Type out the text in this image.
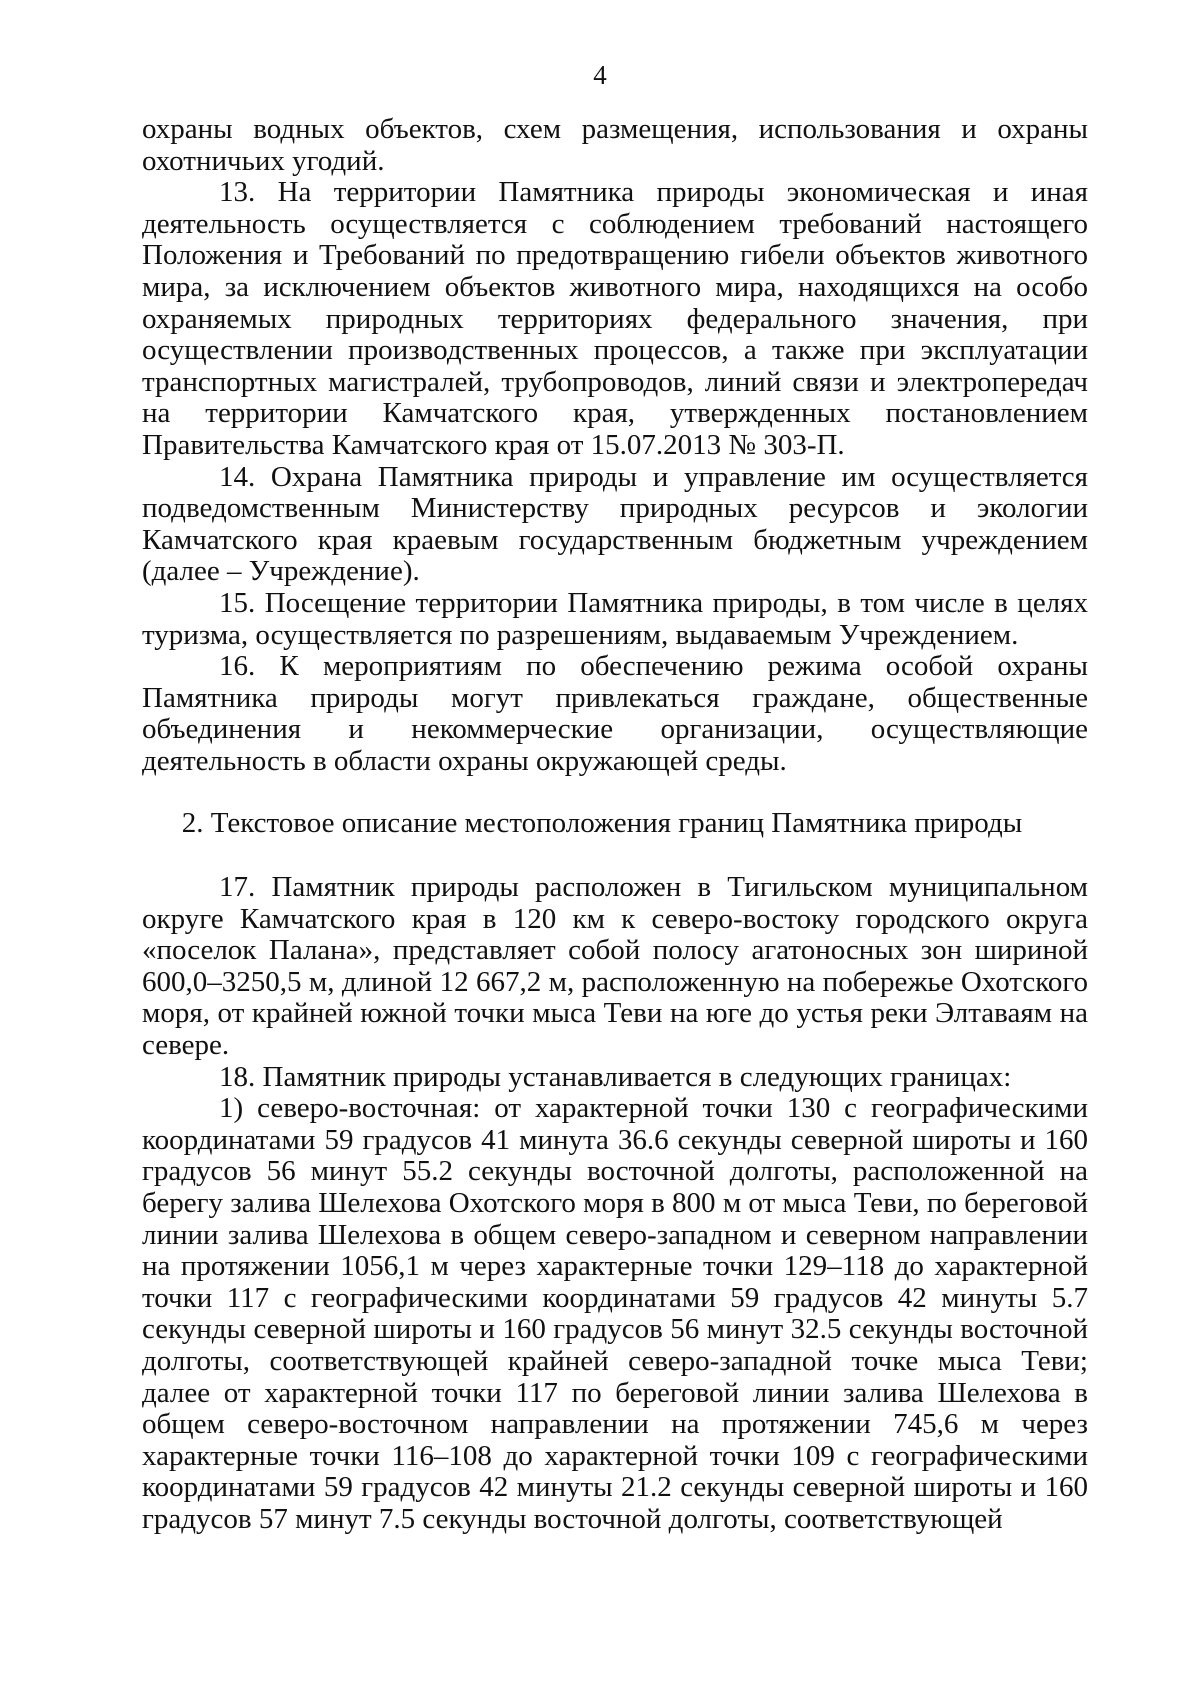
4

охраны водных объектов, схем размещения, использования и охраны охотничьих угодий.

13. На территории Памятника природы экономическая и иная деятельность осуществляется с соблюдением требований настоящего Положения и Требований по предотвращению гибели объектов животного мира, за исключением объектов животного мира, находящихся на особо охраняемых природных территориях федерального значения, при осуществлении производственных процессов, а также при эксплуатации транспортных магистралей, трубопроводов, линий связи и электропередач на территории Камчатского края, утвержденных постановлением Правительства Камчатского края от 15.07.2013 № 303-П.

14. Охрана Памятника природы и управление им осуществляется подведомственным Министерству природных ресурсов и экологии Камчатского края краевым государственным бюджетным учреждением (далее – Учреждение).

15. Посещение территории Памятника природы, в том числе в целях туризма, осуществляется по разрешениям, выдаваемым Учреждением.

16. К мероприятиям по обеспечению режима особой охраны Памятника природы могут привлекаться граждане, общественные объединения и некоммерческие организации, осуществляющие деятельность в области охраны окружающей среды.

2. Текстовое описание местоположения границ Памятника природы

17. Памятник природы расположен в Тигильском муниципальном округе Камчатского края в 120 км к северо-востоку городского округа «поселок Палана», представляет собой полосу агатоносных зон шириной 600,0–3250,5 м, длиной 12 667,2 м, расположенную на побережье Охотского моря, от крайней южной точки мыса Теви на юге до устья реки Элтаваям на севере.

18. Памятник природы устанавливается в следующих границах:

1) северо-восточная: от характерной точки 130 с географическими координатами 59 градусов 41 минута 36.6 секунды северной широты и 160 градусов 56 минут 55.2 секунды восточной долготы, расположенной на берегу залива Шелехова Охотского моря в 800 м от мыса Теви, по береговой линии залива Шелехова в общем северо-западном и северном направлении на протяжении 1056,1 м через характерные точки 129–118 до характерной точки 117 с географическими координатами 59 градусов 42 минуты 5.7 секунды северной широты и 160 градусов 56 минут 32.5 секунды восточной долготы, соответствующей крайней северо-западной точке мыса Теви; далее от характерной точки 117 по береговой линии залива Шелехова в общем северо-восточном направлении на протяжении 745,6 м через характерные точки 116–108 до характерной точки 109 с географическими координатами 59 градусов 42 минуты 21.2 секунды северной широты и 160 градусов 57 минут 7.5 секунды восточной долготы, соответствующей
